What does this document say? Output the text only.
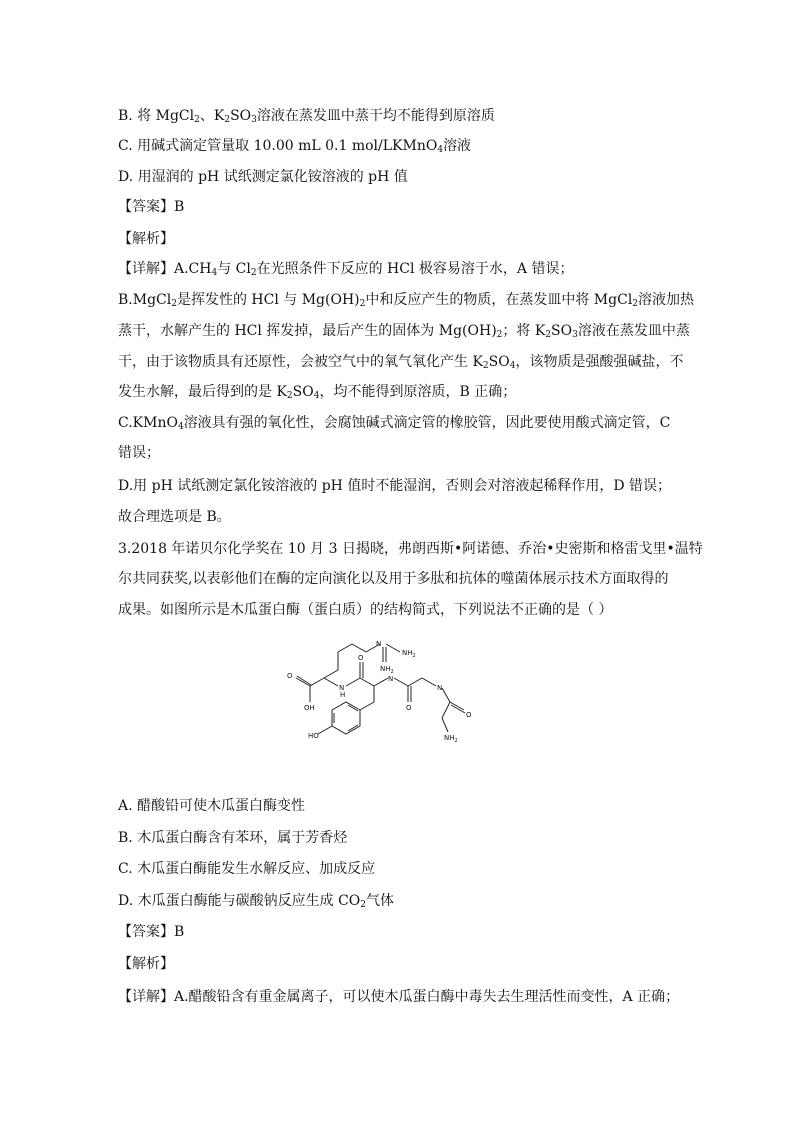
B. 将 MgCl$_2$、$K_2SO_3$溶液在蒸发皿中蒸干均不能得到原溶质
C. 用碱式滴定管量取 10.00 mL 0.1 mol/LKMnO$_4$溶液
D. 用湿润的 pH 试纸测定氯化铵溶液的 pH 值
【答案】B
【解析】
【详解】$A.CH_4$与 $Cl_2$在光照条件下反应的 HCl 极容易溶于水，A 错误；
B.MgCl$_2$是挥发性的 HCl 与 $Mg(OH)_2$中和反应产生的物质，在蒸发皿中将 MgCl$_2$溶液加热
蒸干，水解产生的 HCl 挥发掉，最后产生的固体为 $Mg(OH)_2$；将 $K_2SO_3$溶液在蒸发皿中蒸
干，由于该物质具有还原性，会被空气中的氧气氧化产生 $K_2SO_4$，该物质是强酸强碱盐，不
发生水解，最后得到的是 $K_2SO_4$，均不能得到原溶质，B 正确；
C.KMnO$_4$溶液具有强的氧化性，会腐蚀碱式滴定管的橡胶管，因此要使用酸式滴定管，C
错误；
D.用 pH 试纸测定氯化铵溶液的 pH 值时不能湿润，否则会对溶液起稀释作用，D 错误；
故合理选项是 B。
3.2018 年诺贝尔化学奖在 10 月 3 日揭晓，弗朗西斯•阿诺德、乔治•史密斯和格雷戈里•温特
尔共同获奖,以表彰他们在酶的定向演化以及用于多肽和抗体的噬菌体展示技术方面取得的
成果。如图所示是木瓜蛋白酶（蛋白质）的结构简式，下列说法不正确的是（ ）
A. 醋酸铅可使木瓜蛋白酶变性
B. 木瓜蛋白酶含有苯环，属于芳香烃
C. 木瓜蛋白酶能发生水解反应、加成反应
D. 木瓜蛋白酶能与碳酸钠反应生成 $CO_2$气体
【答案】B
【解析】
【详解】A.醋酸铅含有重金属离子，可以使木瓜蛋白酶中毒失去生理活性而变性，A 正确；
N
$NH_2$
$NH_2$
N
H
O
OH
O	N
O
N
O
$NH_2$
HO
